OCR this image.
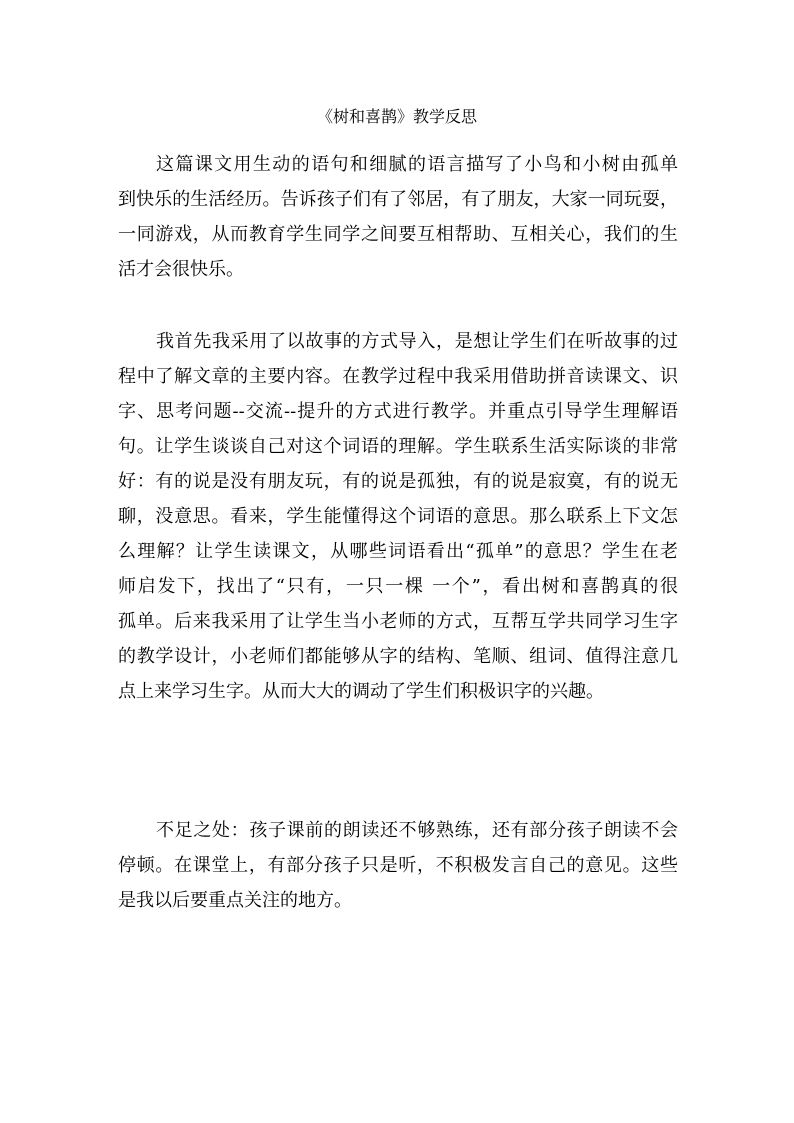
《树和喜鹊》教学反思
这篇课文用生动的语句和细腻的语言描写了小鸟和小树由孤单
到快乐的生活经历。告诉孩子们有了邻居，有了朋友，大家一同玩耍，
一同游戏，从而教育学生同学之间要互相帮助、互相关心，我们的生
活才会很快乐。
我首先我采用了以故事的方式导入，是想让学生们在听故事的过
程中了解文章的主要内容。在教学过程中我采用借助拼音读课文、识
字、思考问题--交流--提升的方式进行教学。并重点引导学生理解语
句。让学生谈谈自己对这个词语的理解。学生联系生活实际谈的非常
好：有的说是没有朋友玩，有的说是孤独，有的说是寂寞，有的说无
聊，没意思。看来，学生能懂得这个词语的意思。那么联系上下文怎
么理解？让学生读课文，从哪些词语看出“孤单”的意思？学生在老
师启发下，找出了“只有，一只一棵 一个”，看出树和喜鹊真的很
孤单。后来我采用了让学生当小老师的方式，互帮互学共同学习生字
的教学设计，小老师们都能够从字的结构、笔顺、组词、值得注意几
点上来学习生字。从而大大的调动了学生们积极识字的兴趣。
不足之处：孩子课前的朗读还不够熟练，还有部分孩子朗读不会
停顿。在课堂上，有部分孩子只是听，不积极发言自己的意见。这些
是我以后要重点关注的地方。
